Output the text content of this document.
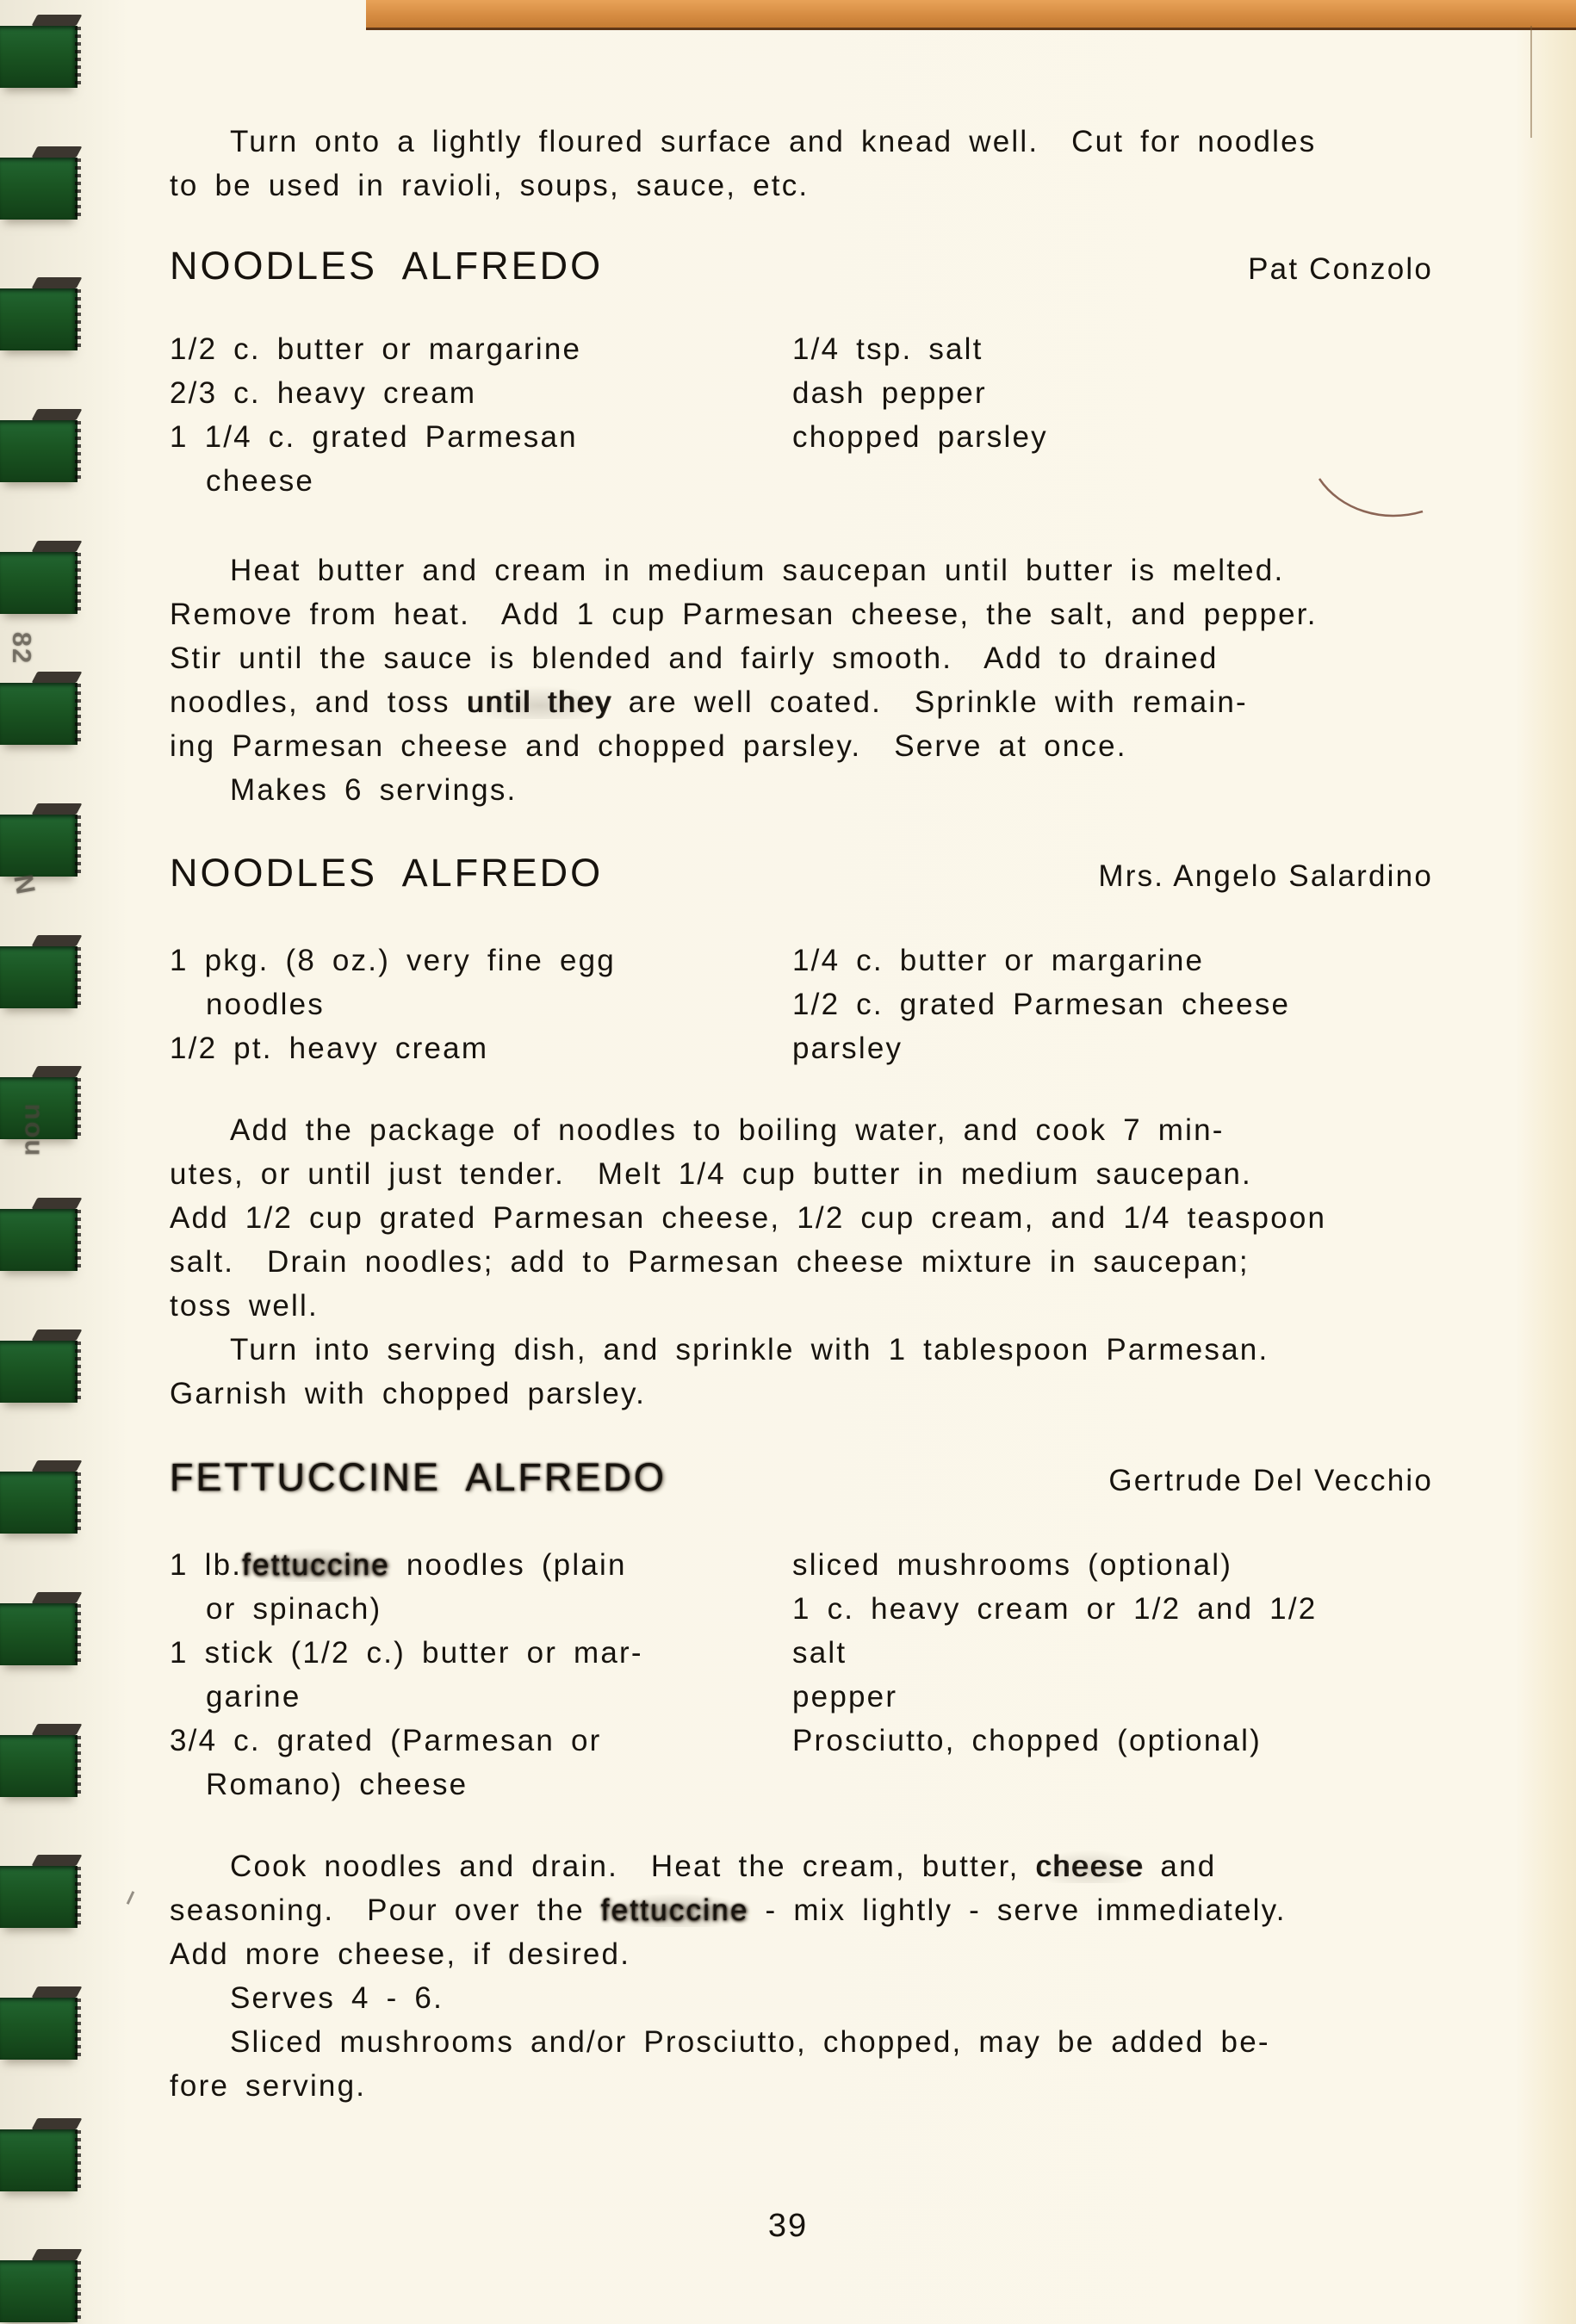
82
N
nou
Turn onto a lightly floured surface and knead well.  Cut for noodles
to be used in ravioli, soups, sauce, etc.
NOODLES  ALFREDO	Pat Conzolo
1/2 c. butter or margarine
2/3 c. heavy cream
1 1/4 c. grated Parmesan
cheese
1/4 tsp. salt
dash pepper
chopped parsley
Heat butter and cream in medium saucepan until butter is melted.
Remove from heat.  Add 1 cup Parmesan cheese, the salt, and pepper.
Stir until the sauce is blended and fairly smooth.  Add to drained
noodles, and toss until they are well coated.  Sprinkle with remain-
ing Parmesan cheese and chopped parsley.  Serve at once.
Makes 6 servings.
NOODLES  ALFREDO	Mrs. Angelo Salardino
1 pkg. (8 oz.) very fine egg
noodles
1/2 pt. heavy cream
1/4 c. butter or margarine
1/2 c. grated Parmesan cheese
parsley
Add the package of noodles to boiling water, and cook 7 min-
utes, or until just tender.  Melt 1/4 cup butter in medium saucepan.
Add 1/2 cup grated Parmesan cheese, 1/2 cup cream, and 1/4 teaspoon
salt.  Drain noodles; add to Parmesan cheese mixture in saucepan;
toss well.
Turn into serving dish, and sprinkle with 1 tablespoon Parmesan.
Garnish with chopped parsley.
FETTUCCINE  ALFREDO	Gertrude Del Vecchio
1 lb.fettuccine noodles (plain
or spinach)
1 stick (1/2 c.) butter or mar-
garine
3/4 c. grated (Parmesan or
Romano) cheese
sliced mushrooms (optional)
1 c. heavy cream or 1/2 and 1/2
salt
pepper
Prosciutto, chopped (optional)
Cook noodles and drain.  Heat the cream, butter, cheese and
seasoning.  Pour over the fettuccine - mix lightly - serve immediately.
Add more cheese, if desired.
Serves 4 - 6.
Sliced mushrooms and/or Prosciutto, chopped, may be added be-
fore serving.
39
